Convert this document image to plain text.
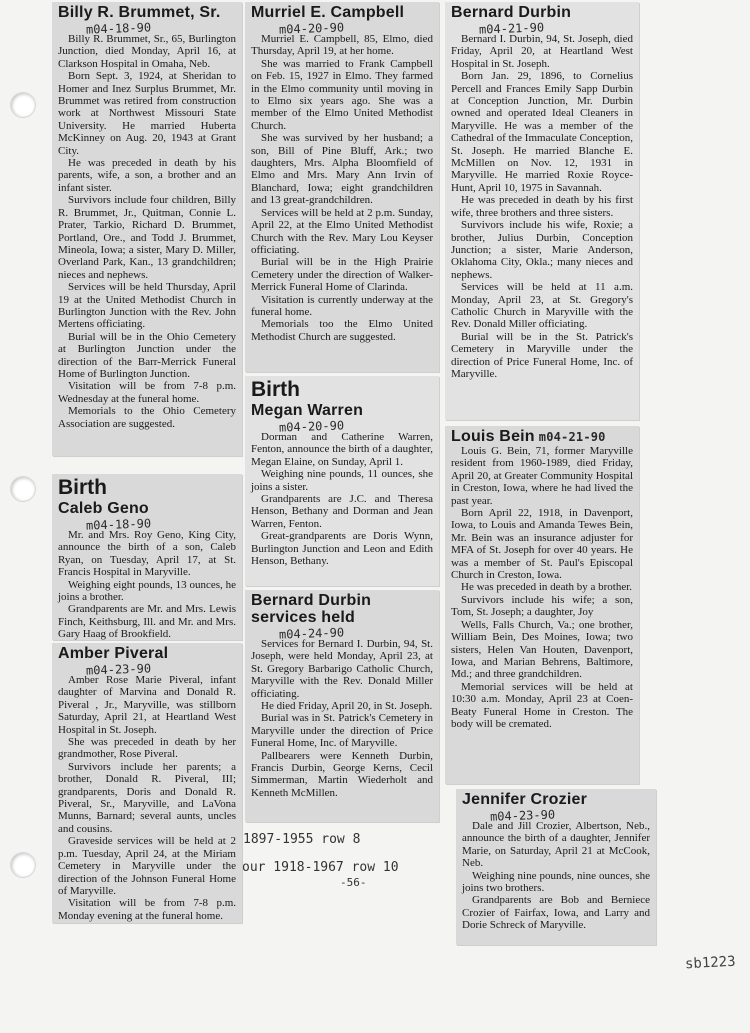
Billy R. Brummet, Sr.
m04-18-90

Billy R. Brummet, Sr., 65, Burlington Junction, died Monday, April 16, at Clarkson Hospital in Omaha, Neb.

Born Sept. 3, 1924, at Sheridan to Homer and Inez Surplus Brummet, Mr. Brummet was retired from construction work at Northwest Missouri State University. He married Huberta McKinney on Aug. 20, 1943 at Grant City.

He was preceded in death by his parents, wife, a son, a brother and an infant sister.

Survivors include four children, Billy R. Brummet, Jr., Quitman, Connie L. Prater, Tarkio, Richard D. Brummet, Portland, Ore., and Todd J. Brummet, Mineola, Iowa; a sister, Mary D. Miller, Overland Park, Kan., 13 grandchildren; nieces and nephews.

Services will be held Thursday, April 19 at the United Methodist Church in Burlington Junction with the Rev. John Mertens officiating.

Burial will be in the Ohio Cemetery at Burlington Junction under the direction of the Barr-Merrick Funeral Home of Burlington Junction.

Visitation will be from 7-8 p.m. Wednesday at the funeral home.

Memorials to the Ohio Cemetery Association are suggested.

Birth
Caleb Geno
m04-18-90

Mr. and Mrs. Roy Geno, King City, announce the birth of a son, Caleb Ryan, on Tuesday, April 17, at St. Francis Hospital in Maryville.

Weighing eight pounds, 13 ounces, he joins a brother.

Grandparents are Mr. and Mrs. Lewis Finch, Keithsburg, Ill. and Mr. and Mrs. Gary Haag of Brookfield.

Amber Piveral
m04-23-90

Amber Rose Marie Piveral, infant daughter of Marvina and Donald R. Piveral , Jr., Maryville, was stillborn Saturday, April 21, at Heartland West Hospital in St. Joseph.

She was preceded in death by her grandmother, Rose Piveral.

Survivors include her parents; a brother, Donald R. Piveral, III; grandparents, Doris and Donald R. Piveral, Sr., Maryville, and LaVona Munns, Barnard; several aunts, uncles and cousins.

Graveside services will be held at 2 p.m. Tuesday, April 24, at the Miriam Cemetery in Maryville under the direction of the Johnson Funeral Home of Maryville.

Visitation will be from 7-8 p.m. Monday evening at the funeral home.

Murriel E. Campbell
m04-20-90

Murriel E. Campbell, 85, Elmo, died Thursday, April 19, at her home.

She was married to Frank Campbell on Feb. 15, 1927 in Elmo. They farmed in the Elmo community until moving in to Elmo six years ago. She was a member of the Elmo United Methodist Church.

She was survived by her husband; a son, Bill of Pine Bluff, Ark.; two daughters, Mrs. Alpha Bloomfield of Elmo and Mrs. Mary Ann Irvin of Blanchard, Iowa; eight grandchildren and 13 great-grandchildren.

Services will be held at 2 p.m. Sunday, April 22, at the Elmo United Methodist Church with the Rev. Mary Lou Keyser officiating.

Burial will be in the High Prairie Cemetery under the direction of Walker-Merrick Funeral Home of Clarinda.

Visitation is currently underway at the funeral home.

Memorials too the Elmo United Methodist Church are suggested.

Birth
Megan Warren
m04-20-90

Dorman and Catherine Warren, Fenton, announce the birth of a daughter, Megan Elaine, on Sunday, April 1.

Weighing nine pounds, 11 ounces, she joins a sister.

Grandparents are J.C. and Theresa Henson, Bethany and Dorman and Jean Warren, Fenton.

Great-grandparents are Doris Wynn, Burlington Junction and Leon and Edith Henson, Bethany.

Bernard Durbin services held
m04-24-90

Services for Bernard I. Durbin, 94, St. Joseph, were held Monday, April 23, at St. Gregory Barbarigo Catholic Church, Maryville with the Rev. Donald Miller officiating.

He died Friday, April 20, in St. Joseph.

Burial was in St. Patrick's Cemetery in Maryville under the direction of Price Funeral Home, Inc. of Maryville.

Pallbearers were Kenneth Durbin, Francis Durbin, George Kerns, Cecil Simmerman, Martin Wiederholt and Kenneth McMillen.

Bernard Durbin
m04-21-90

Bernard I. Durbin, 94, St. Joseph, died Friday, April 20, at Heartland West Hospital in St. Joseph.

Born Jan. 29, 1896, to Cornelius Percell and Frances Emily Sapp Durbin at Conception Junction, Mr. Durbin owned and operated Ideal Cleaners in Maryville. He was a member of the Cathedral of the Immaculate Conception, St. Joseph. He married Blanche E. McMillen on Nov. 12, 1931 in Maryville. He married Roxie Royce-Hunt, April 10, 1975 in Savannah.

He was preceded in death by his first wife, three brothers and three sisters.

Survivors include his wife, Roxie; a brother, Julius Durbin, Conception Junction; a sister, Marie Anderson, Oklahoma City, Okla.; many nieces and nephews.

Services will be held at 11 a.m. Monday, April 23, at St. Gregory's Catholic Church in Maryville with the Rev. Donald Miller officiating.

Burial will be in the St. Patrick's Cemetery in Maryville under the direction of Price Funeral Home, Inc. of Maryville.

Louis Bein m04-21-90

Louis G. Bein, 71, former Maryville resident from 1960-1989, died Friday, April 20, at Greater Community Hospital in Creston, Iowa, where he had lived the past year.

Born April 22, 1918, in Davenport, Iowa, to Louis and Amanda Tewes Bein, Mr. Bein was an insurance adjuster for MFA of St. Joseph for over 40 years. He was a member of St. Paul's Episcopal Church in Creston, Iowa.

He was preceded in death by a brother.

Survivors include his wife; a son, Tom, St. Joseph; a daughter, Joy

Wells, Falls Church, Va.; one brother, William Bein, Des Moines, Iowa; two sisters, Helen Van Houten, Davenport, Iowa, and Marian Behrens, Baltimore, Md.; and three grandchildren.

Memorial services will be held at 10:30 a.m. Monday, April 23 at Coen-Beaty Funeral Home in Creston. The body will be cremated.

Jennifer Crozier
m04-23-90

Dale and Jill Crozier, Albertson, Neb., announce the birth of a daughter, Jennifer Marie, on Saturday, April 21 at McCook, Neb.

Weighing nine pounds, nine ounces, she joins two brothers.

Grandparents are Bob and Berniece Crozier of Fairfax, Iowa, and Larry and Dorie Schreck of Maryville.

1897-1955 row 8
our 1918-1967 row 10
-56-
sb1223
